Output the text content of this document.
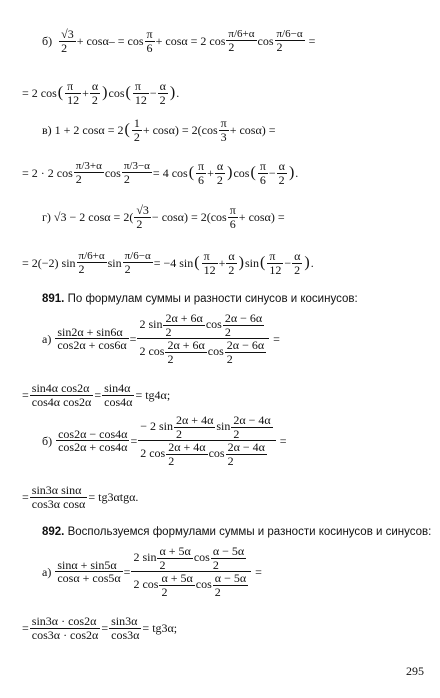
б)
$\frac{√3}{2} + \cos\alpha- = \cos \frac{\pi}{6} + \cos\alpha = 2$ $\cos \frac{\pi/6+\alpha}{2}$ $\cos \frac{\pi/6-\alpha}{2}$
=
= 2 cos ( $\frac{\pi}{12} + \frac{\alpha}{2}$ ) cos ( $\frac{\pi}{12} - \frac{\alpha}{2}$ ) .
в) 1 + 2 cosα = 2 ( $\frac{1}{2} + \cos\alpha) = 2(\cos \frac{\pi}{3} + \cos\alpha)$ =
= 2 · 2 $\cos \frac{\pi/3+\alpha}{2}$ $\cos \frac{\pi/3-\alpha}{2} = 4$ cos ( $\frac{\pi}{6} + \frac{\alpha}{2}$ ) cos ( $\frac{\pi}{6} - \frac{\alpha}{2}$ ) .
г) √3 − 2 $\cos\alpha = 2( \frac{√3}{2} - \cos\alpha) = 2(\cos \frac{\pi}{6} + \cos\alpha)$ =
= 2(−2) $\sin \frac{\pi/6+\alpha}{2}$ $\sin \frac{\pi/6-\alpha}{2} = -4$ sin ( $\frac{\pi}{12} + \frac{\alpha}{2}$ ) sin ( $\frac{\pi}{12} - \frac{\alpha}{2}$ ) .
891.
По формулам суммы и разности синусов и косинусов:
а)
$\frac{\sin 2\alpha + \sin 6\alpha}{\cos 2\alpha + \cos 6\alpha} = \frac{2 \sin \frac{2\alpha + 6\alpha}{2} \cos \frac{2\alpha - 6\alpha}{2}}{2 \cos \frac{2\alpha + 6\alpha}{2} \cos \frac{2\alpha - 6\alpha}{2}}$
=
= $\frac{\text{sin4α cos2α}}{\text{cos4α cos2α}} = \frac{\sin 4\alpha}{\cos 4\alpha} = tg4\alpha$;
б)
$\frac{\cos 2\alpha - \cos 4\alpha}{\cos 2\alpha + \cos 4\alpha} = \frac{- 2 \sin \frac{2\alpha + 4\alpha}{2} \sin \frac{2\alpha - 4\alpha}{2}}{2 \cos \frac{2\alpha + 4\alpha}{2} \cos \frac{2\alpha - 4\alpha}{2}}$
=
= $\frac{\text{sin3α sinα}}{\text{cos3α cosα}} = tg3\alpha tg\alpha$.
892.
Воспользуемся формулами суммы и разности косинусов и синусов:
а)
$\frac{\sin\alpha + \sin 5\alpha}{\cos\alpha + \cos 5\alpha} = \frac{2 \sin \frac{\alpha + 5\alpha}{2} \cos \frac{\alpha - 5\alpha}{2}}{2 \cos \frac{\alpha + 5\alpha}{2} \cos \frac{\alpha - 5\alpha}{2}}$
=
= $\frac{\sin 3\alpha \cdot \cos 2\alpha}{\cos 3\alpha \cdot \cos 2\alpha} = \frac{\sin 3\alpha}{\cos 3\alpha} = tg3\alpha$;
295
